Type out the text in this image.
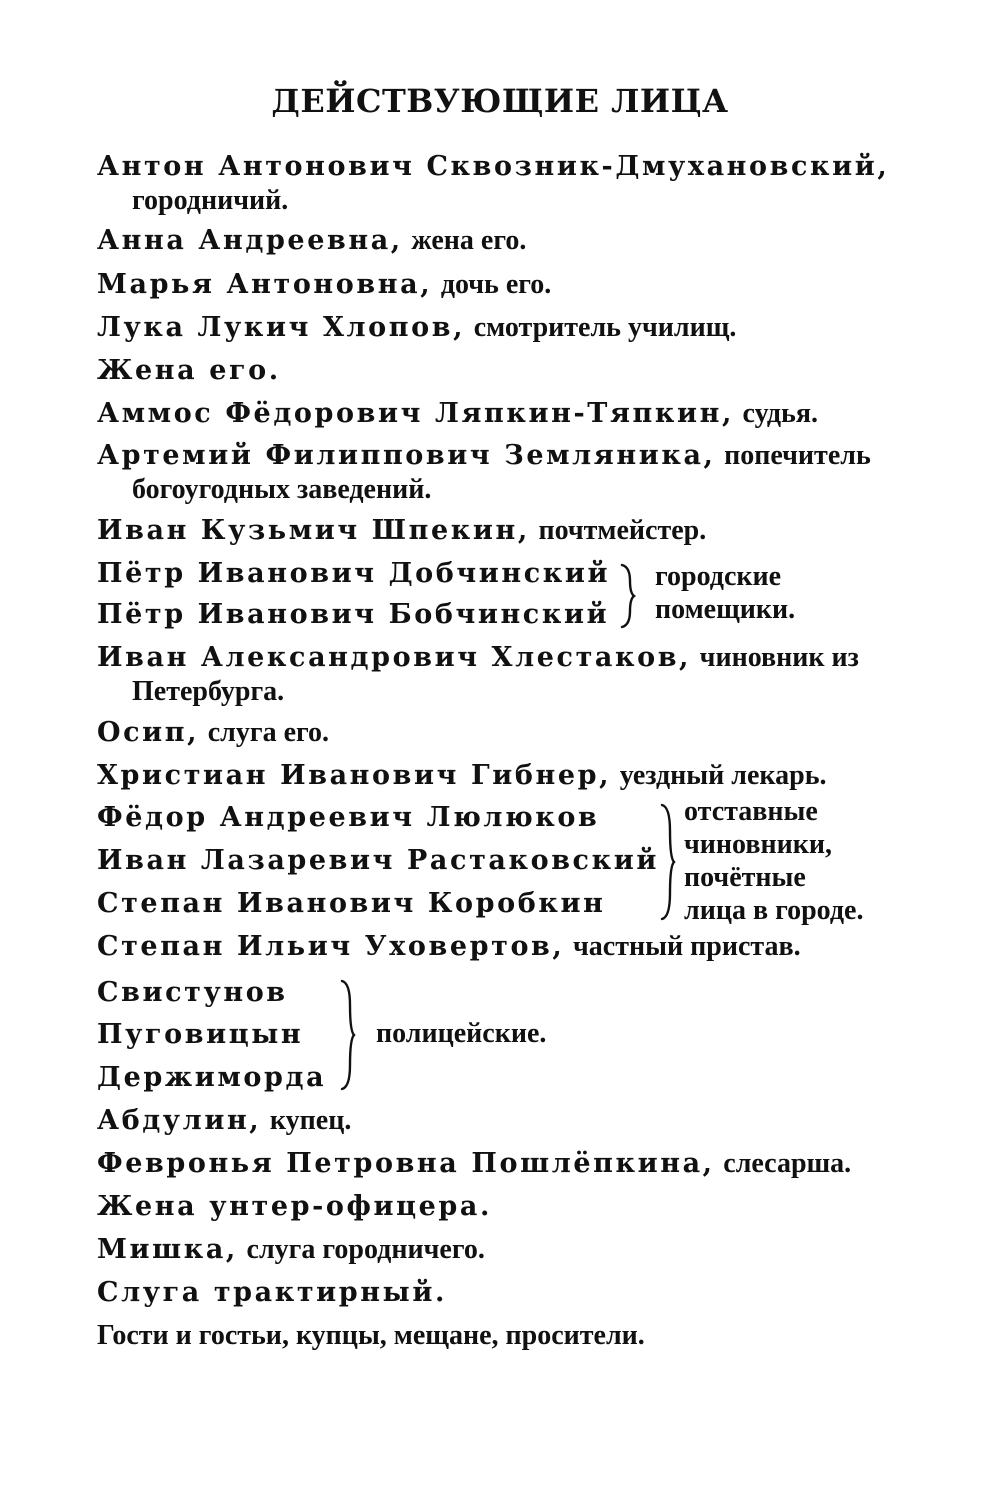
ДЕЙСТВУЮЩИЕ ЛИЦА
Антон Антонович Сквозник-Дмухановский,
городничий.
Анна Андреевна, жена его.
Марья Антоновна, дочь его.
Лука Лукич Хлопов, смотритель училищ.
Жена его.
Аммос Фёдорович Ляпкин-Тяпкин, судья.
Артемий Филиппович Земляника, попечитель
богоугодных заведений.
Иван Кузьмич Шпекин, почтмейстер.
Пётр Иванович Добчинский
Пётр Иванович Бобчинский
городские
помещики.
Иван Александрович Хлестаков, чиновник из
Петербурга.
Осип, слуга его.
Христиан Иванович Гибнер, уездный лекарь.
Фёдор Андреевич Люлюков
Иван Лазаревич Растаковский
Степан Иванович Коробкин
отставные
чиновники,
почётные
лица в городе.
Степан Ильич Уховертов, частный пристав.
Свистунов
Пуговицын
Держиморда
полицейские.
Абдулин, купец.
Февронья Петровна Пошлёпкина, слесарша.
Жена унтер-офицера.
Мишка, слуга городничего.
Слуга трактирный.
Гости и гостьи, купцы, мещане, просители.
